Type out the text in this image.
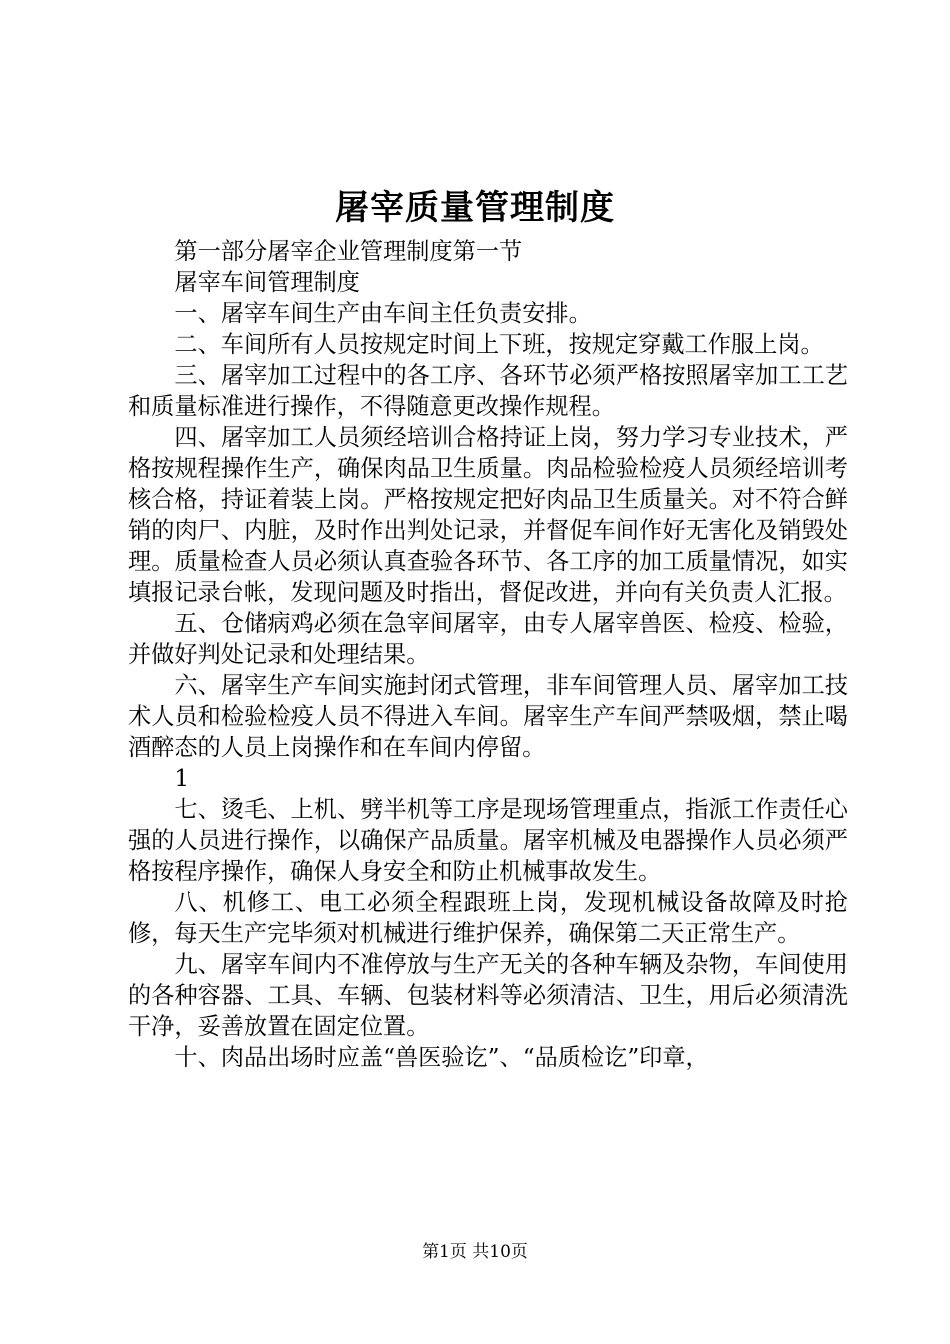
屠宰质量管理制度

第一部分屠宰企业管理制度第一节

屠宰车间管理制度

一、屠宰车间生产由车间主任负责安排。

二、车间所有人员按规定时间上下班，按规定穿戴工作服上岗。

三、屠宰加工过程中的各工序、各环节必须严格按照屠宰加工工艺和质量标准进行操作，不得随意更改操作规程。

四、屠宰加工人员须经培训合格持证上岗，努力学习专业技术，严格按规程操作生产，确保肉品卫生质量。肉品检验检疫人员须经培训考核合格，持证着装上岗。严格按规定把好肉品卫生质量关。对不符合鲜销的肉尸、内脏，及时作出判处记录，并督促车间作好无害化及销毁处理。质量检查人员必须认真查验各环节、各工序的加工质量情况，如实填报记录台帐，发现问题及时指出，督促改进，并向有关负责人汇报。

五、仓储病鸡必须在急宰间屠宰，由专人屠宰兽医、检疫、检验，并做好判处记录和处理结果。

六、屠宰生产车间实施封闭式管理，非车间管理人员、屠宰加工技术人员和检验检疫人员不得进入车间。屠宰生产车间严禁吸烟，禁止喝酒醉态的人员上岗操作和在车间内停留。

1

七、烫毛、上机、劈半机等工序是现场管理重点，指派工作责任心强的人员进行操作，以确保产品质量。屠宰机械及电器操作人员必须严格按程序操作，确保人身安全和防止机械事故发生。

八、机修工、电工必须全程跟班上岗，发现机械设备故障及时抢修，每天生产完毕须对机械进行维护保养，确保第二天正常生产。

九、屠宰车间内不准停放与生产无关的各种车辆及杂物，车间使用的各种容器、工具、车辆、包装材料等必须清洁、卫生，用后必须清洗干净，妥善放置在固定位置。

十、肉品出场时应盖“兽医验讫”、“品质检讫”印章，

第1页 共10页
